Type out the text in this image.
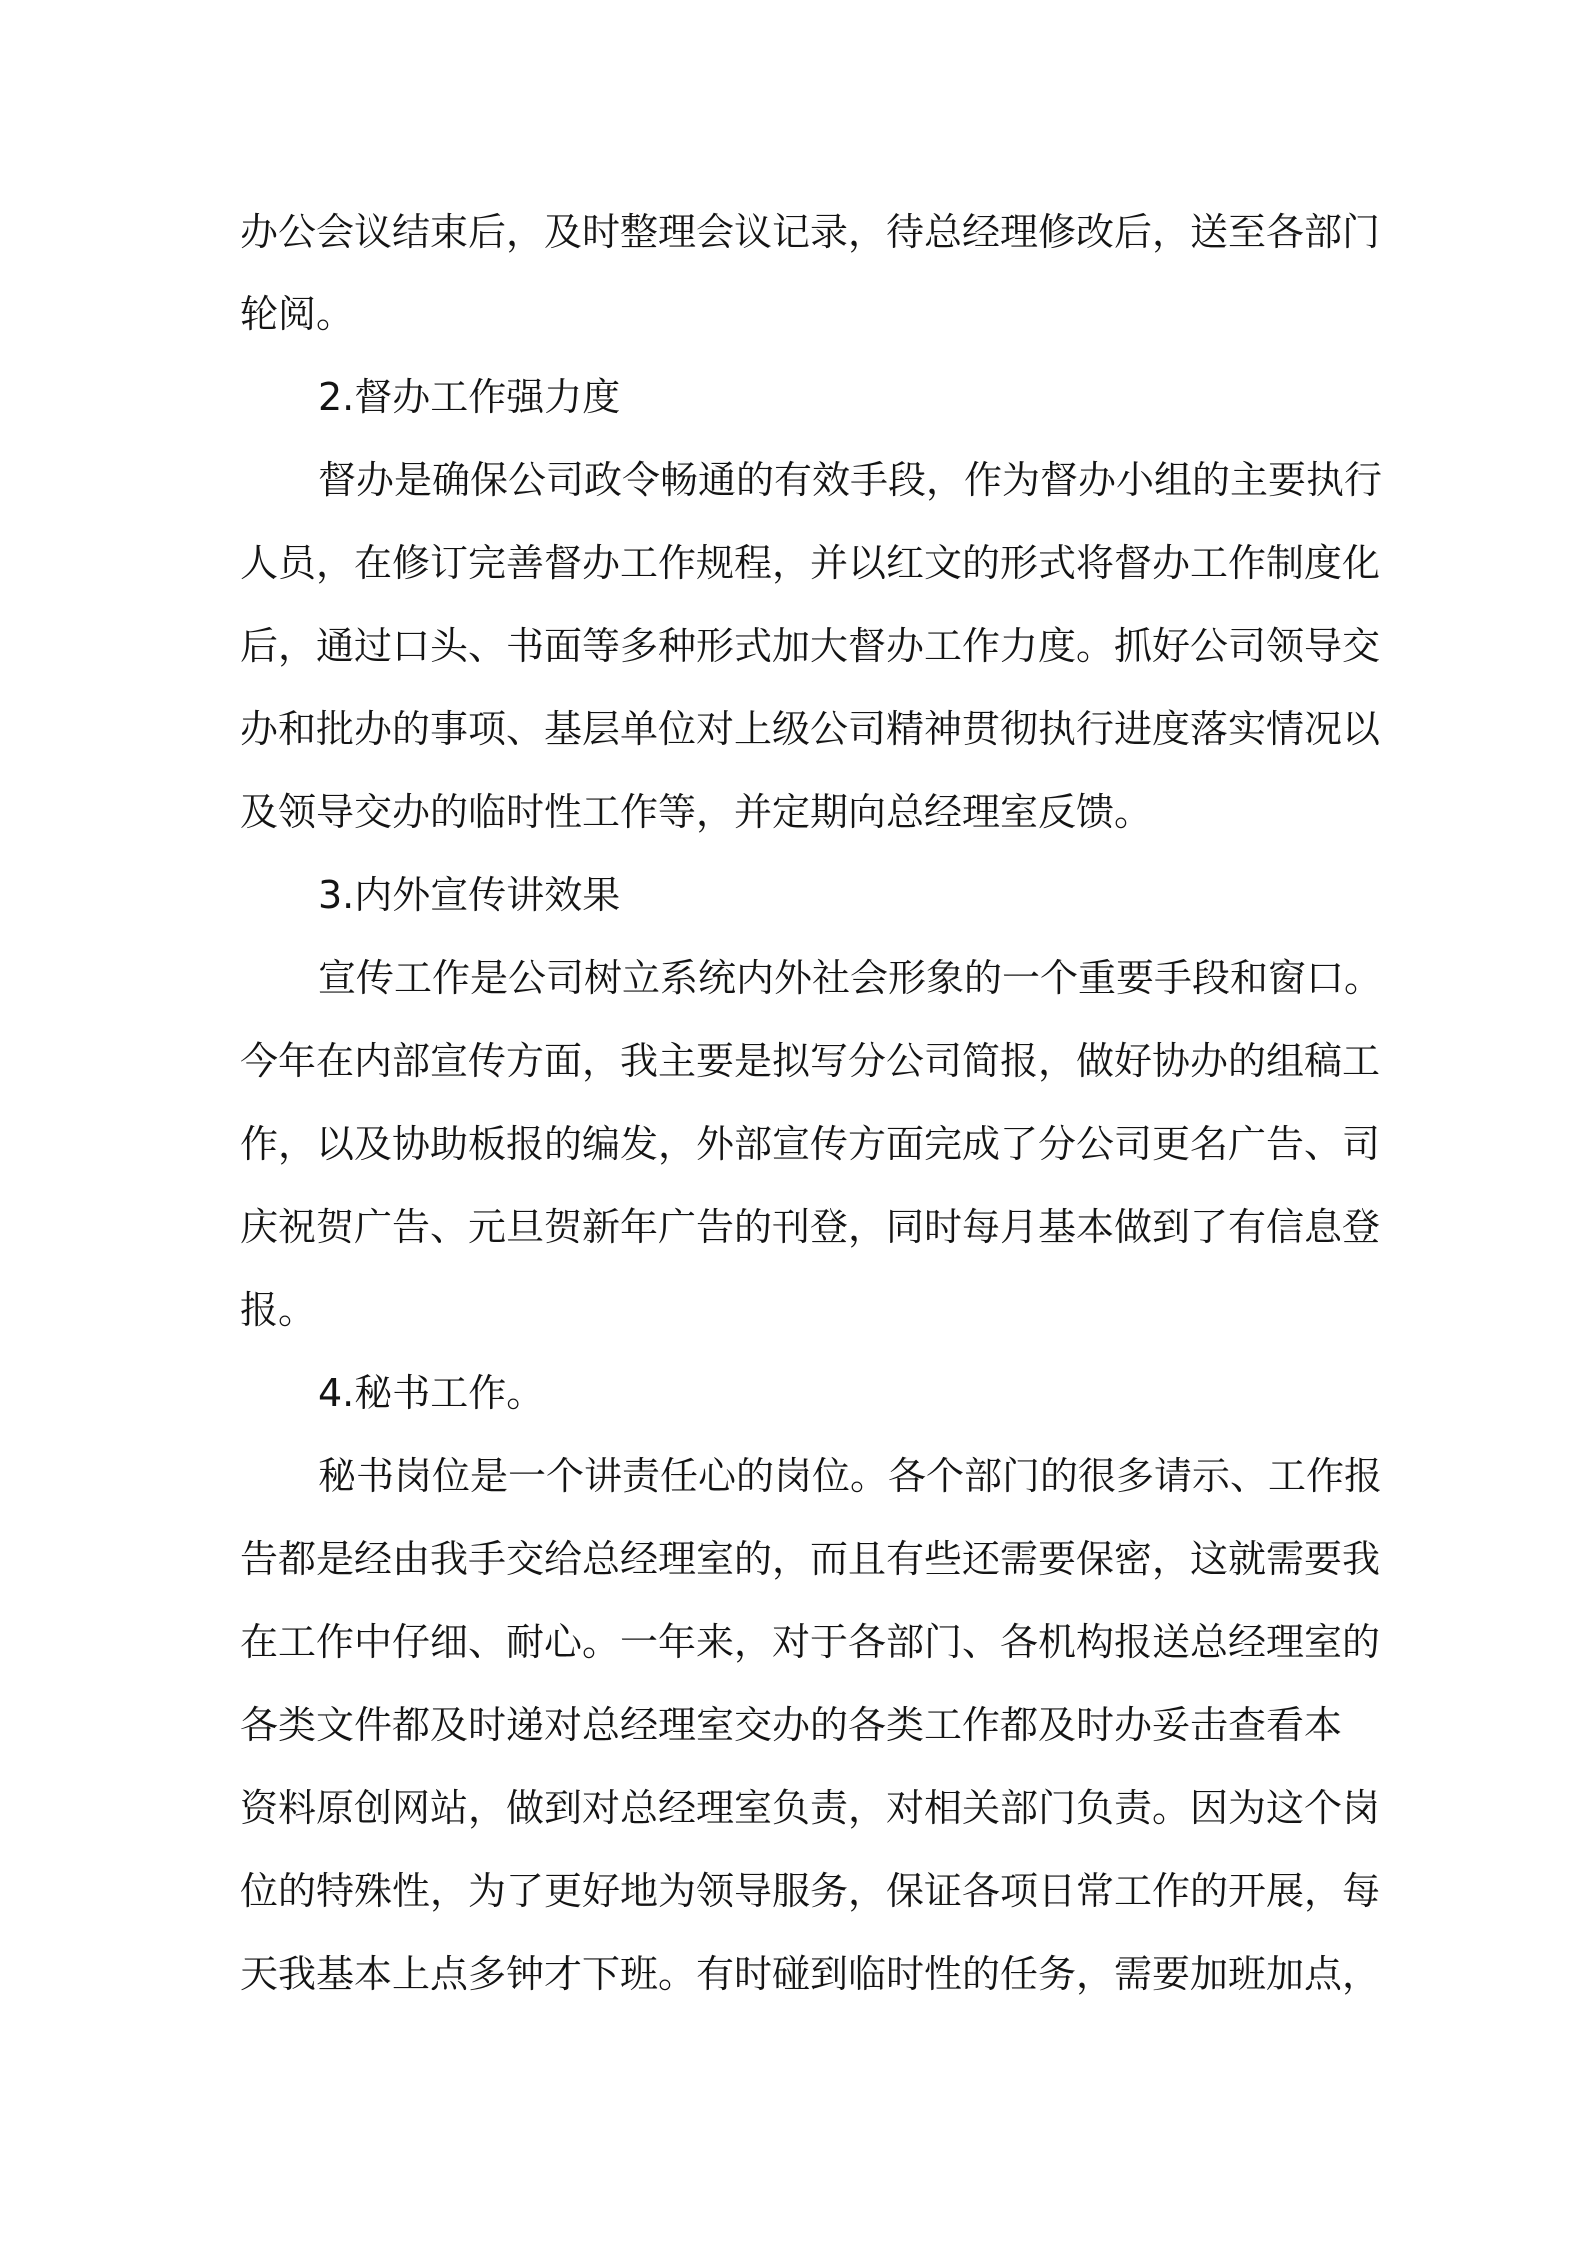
办公会议结束后，及时整理会议记录，待总经理修改后，送至各部门
轮阅。
2.督办工作强力度
督办是确保公司政令畅通的有效手段，作为督办小组的主要执行
人员，在修订完善督办工作规程，并以红文的形式将督办工作制度化
后，通过口头、书面等多种形式加大督办工作力度。抓好公司领导交
办和批办的事项、基层单位对上级公司精神贯彻执行进度落实情况以
及领导交办的临时性工作等，并定期向总经理室反馈。
3.内外宣传讲效果
宣传工作是公司树立系统内外社会形象的一个重要手段和窗口。
今年在内部宣传方面，我主要是拟写分公司简报，做好协办的组稿工
作，以及协助板报的编发，外部宣传方面完成了分公司更名广告、司
庆祝贺广告、元旦贺新年广告的刊登，同时每月基本做到了有信息登
报。
4.秘书工作。
秘书岗位是一个讲责任心的岗位。各个部门的很多请示、工作报
告都是经由我手交给总经理室的，而且有些还需要保密，这就需要我
在工作中仔细、耐心。一年来，对于各部门、各机构报送总经理室的
各类文件都及时递对总经理室交办的各类工作都及时办妥击查看本
资料原创网站，做到对总经理室负责，对相关部门负责。因为这个岗
位的特殊性，为了更好地为领导服务，保证各项日常工作的开展，每
天我基本上点多钟才下班。有时碰到临时性的任务，需要加班加点，
